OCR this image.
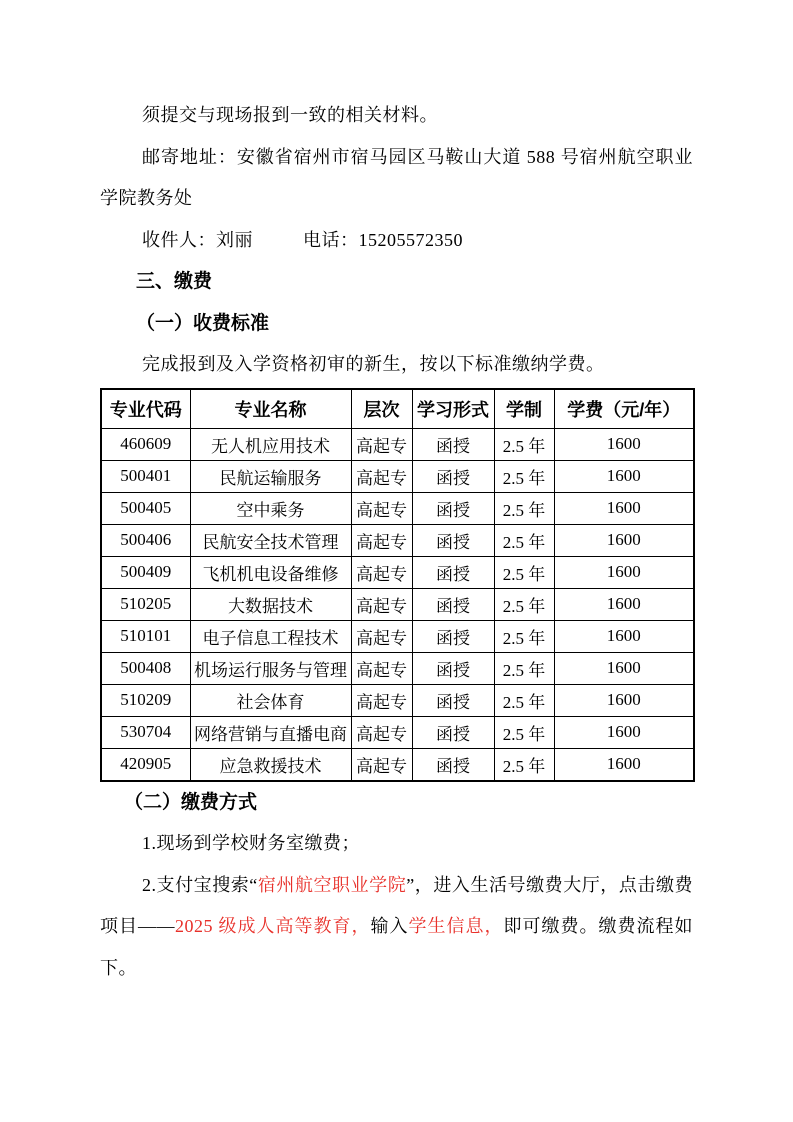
须提交与现场报到一致的相关材料。

邮寄地址：安徽省宿州市宿马园区马鞍山大道 588 号宿州航空职业学院教务处

收件人：刘丽	电话：15205572350

三、缴费
（一）收费标准

完成报到及入学资格初审的新生，按以下标准缴纳学费。

专业代码	专业名称	层次	学习形式	学制	学费（元/年）
460609	无人机应用技术	高起专	函授	2.5 年	1600
500401	民航运输服务	高起专	函授	2.5 年	1600
500405	空中乘务	高起专	函授	2.5 年	1600
500406	民航安全技术管理	高起专	函授	2.5 年	1600
500409	飞机机电设备维修	高起专	函授	2.5 年	1600
510205	大数据技术	高起专	函授	2.5 年	1600
510101	电子信息工程技术	高起专	函授	2.5 年	1600
500408	机场运行服务与管理	高起专	函授	2.5 年	1600
510209	社会体育	高起专	函授	2.5 年	1600
530704	网络营销与直播电商	高起专	函授	2.5 年	1600
420905	应急救援技术	高起专	函授	2.5 年	1600
（二）缴费方式

1.现场到学校财务室缴费；

2.支付宝搜索“宿州航空职业学院”，进入生活号缴费大厅，点击缴费项目——2025 级成人高等教育，输入学生信息，即可缴费。缴费流程如下。
